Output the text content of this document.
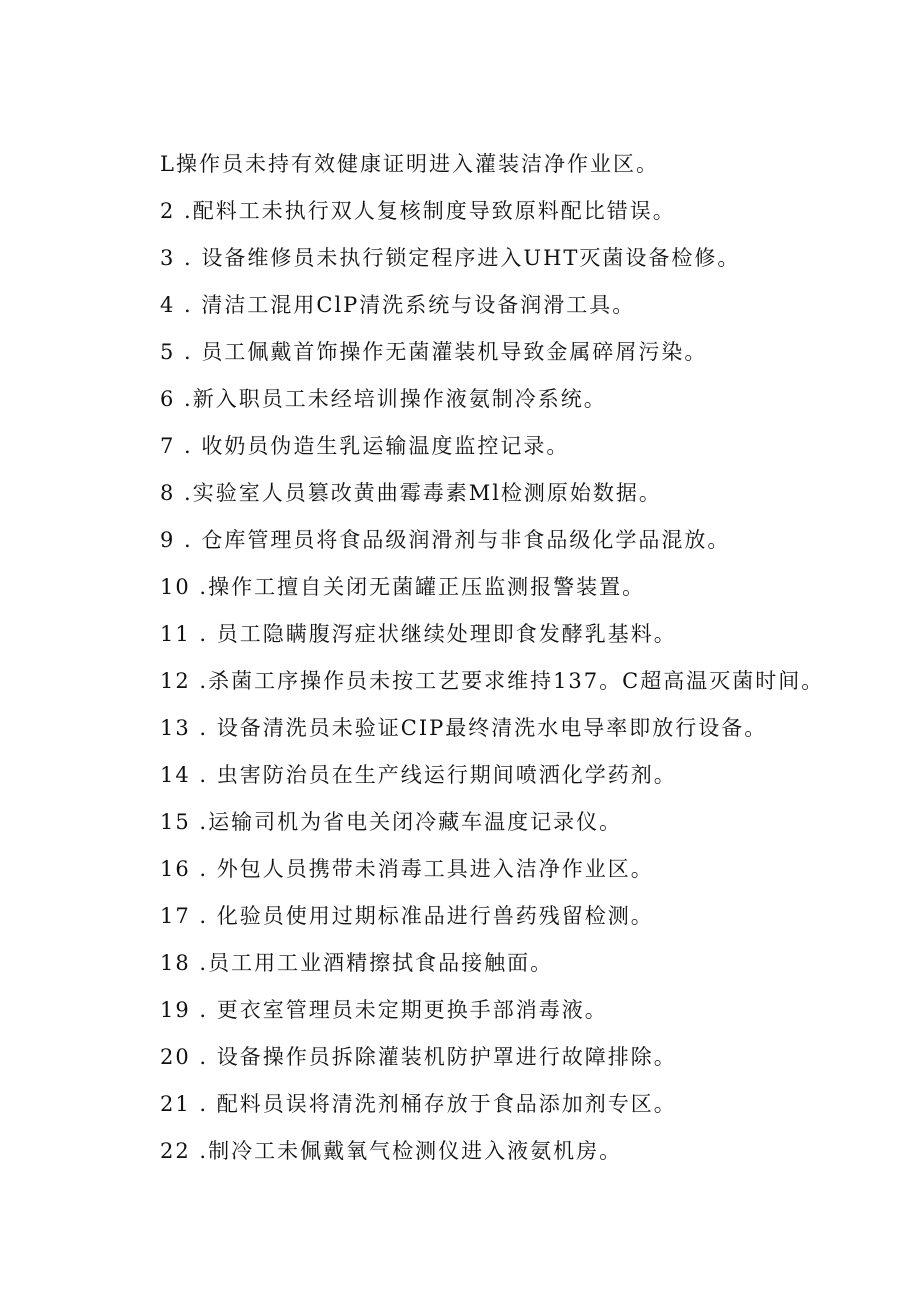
L操作员未持有效健康证明进入灌装洁净作业区。
2 .配料工未执行双人复核制度导致原料配比错误。
3 . 设备维修员未执行锁定程序进入UHT灭菌设备检修。
4 . 清洁工混用ClP清洗系统与设备润滑工具。
5 . 员工佩戴首饰操作无菌灌装机导致金属碎屑污染。
6 .新入职员工未经培训操作液氨制冷系统。
7 . 收奶员伪造生乳运输温度监控记录。
8 .实验室人员篡改黄曲霉毒素Ml检测原始数据。
9 . 仓库管理员将食品级润滑剂与非食品级化学品混放。
10 .操作工擅自关闭无菌罐正压监测报警装置。
11 . 员工隐瞒腹泻症状继续处理即食发酵乳基料。
12 .杀菌工序操作员未按工艺要求维持137。C超高温灭菌时间。
13 . 设备清洗员未验证CIP最终清洗水电导率即放行设备。
14 . 虫害防治员在生产线运行期间喷洒化学药剂。
15 .运输司机为省电关闭冷藏车温度记录仪。
16 . 外包人员携带未消毒工具进入洁净作业区。
17 . 化验员使用过期标准品进行兽药残留检测。
18 .员工用工业酒精擦拭食品接触面。
19 . 更衣室管理员未定期更换手部消毒液。
20 . 设备操作员拆除灌装机防护罩进行故障排除。
21 . 配料员误将清洗剂桶存放于食品添加剂专区。
22 .制冷工未佩戴氧气检测仪进入液氨机房。
